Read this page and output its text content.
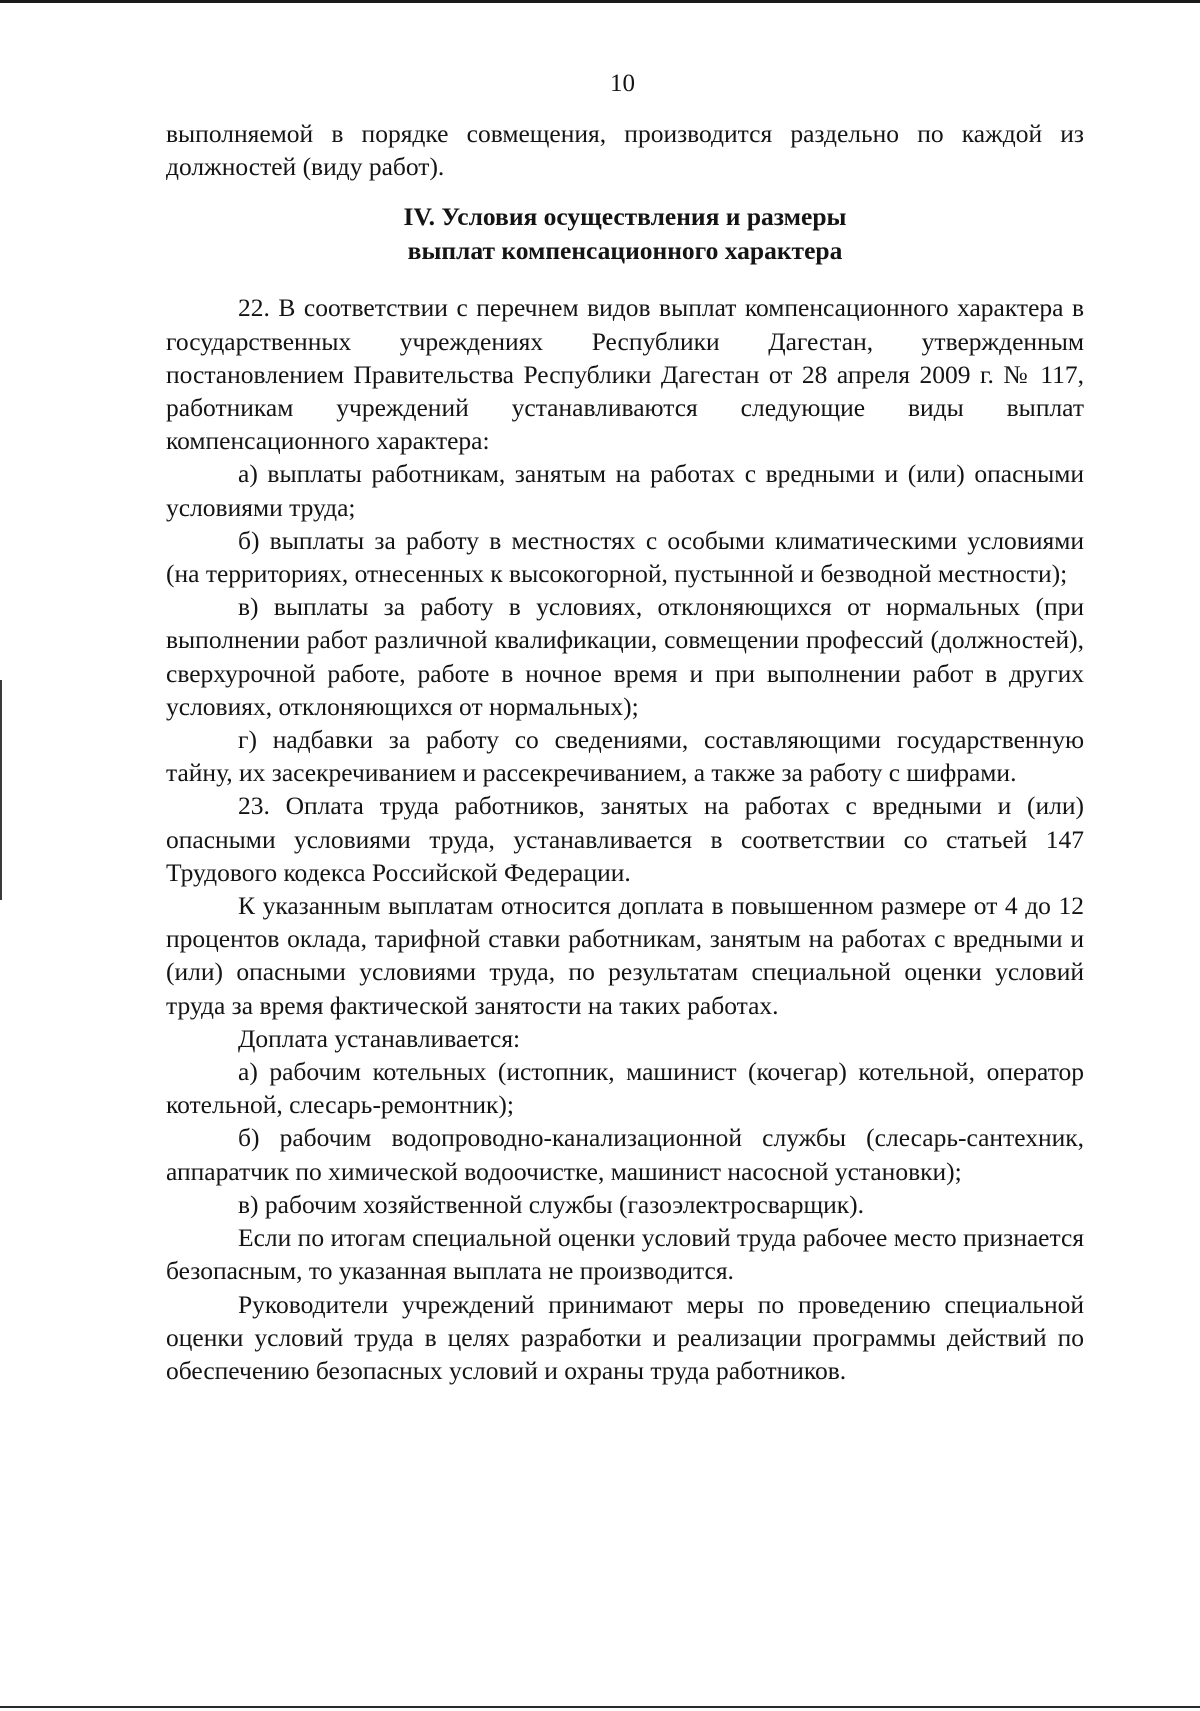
10

выполняемой в порядке совмещения, производится раздельно по каждой из должностей (виду работ).

IV. Условия осуществления и размеры
выплат компенсационного характера

22. В соответствии с перечнем видов выплат компенсационного характера в государственных учреждениях Республики Дагестан, утвержденным постановлением Правительства Республики Дагестан от 28 апреля 2009 г. № 117, работникам учреждений устанавливаются следующие виды выплат компенсационного характера:

а) выплаты работникам, занятым на работах с вредными и (или) опасными условиями труда;

б) выплаты за работу в местностях с особыми климатическими условиями (на территориях, отнесенных к высокогорной, пустынной и безводной местности);

в) выплаты за работу в условиях, отклоняющихся от нормальных (при выполнении работ различной квалификации, совмещении профессий (должностей), сверхурочной работе, работе в ночное время и при выполнении работ в других условиях, отклоняющихся от нормальных);

г) надбавки за работу со сведениями, составляющими государственную тайну, их засекречиванием и рассекречиванием, а также за работу с шифрами.

23. Оплата труда работников, занятых на работах с вредными и (или) опасными условиями труда, устанавливается в соответствии со статьей 147 Трудового кодекса Российской Федерации.

К указанным выплатам относится доплата в повышенном размере от 4 до 12 процентов оклада, тарифной ставки работникам, занятым на работах с вредными и (или) опасными условиями труда, по результатам специальной оценки условий труда за время фактической занятости на таких работах.

Доплата устанавливается:

а) рабочим котельных (истопник, машинист (кочегар) котельной, оператор котельной, слесарь-ремонтник);

б) рабочим водопроводно-канализационной службы (слесарь-сантехник, аппаратчик по химической водоочистке, машинист насосной установки);

в) рабочим хозяйственной службы (газоэлектросварщик).

Если по итогам специальной оценки условий труда рабочее место признается безопасным, то указанная выплата не производится.

Руководители учреждений принимают меры по проведению специальной оценки условий труда в целях разработки и реализации программы действий по обеспечению безопасных условий и охраны труда работников.
